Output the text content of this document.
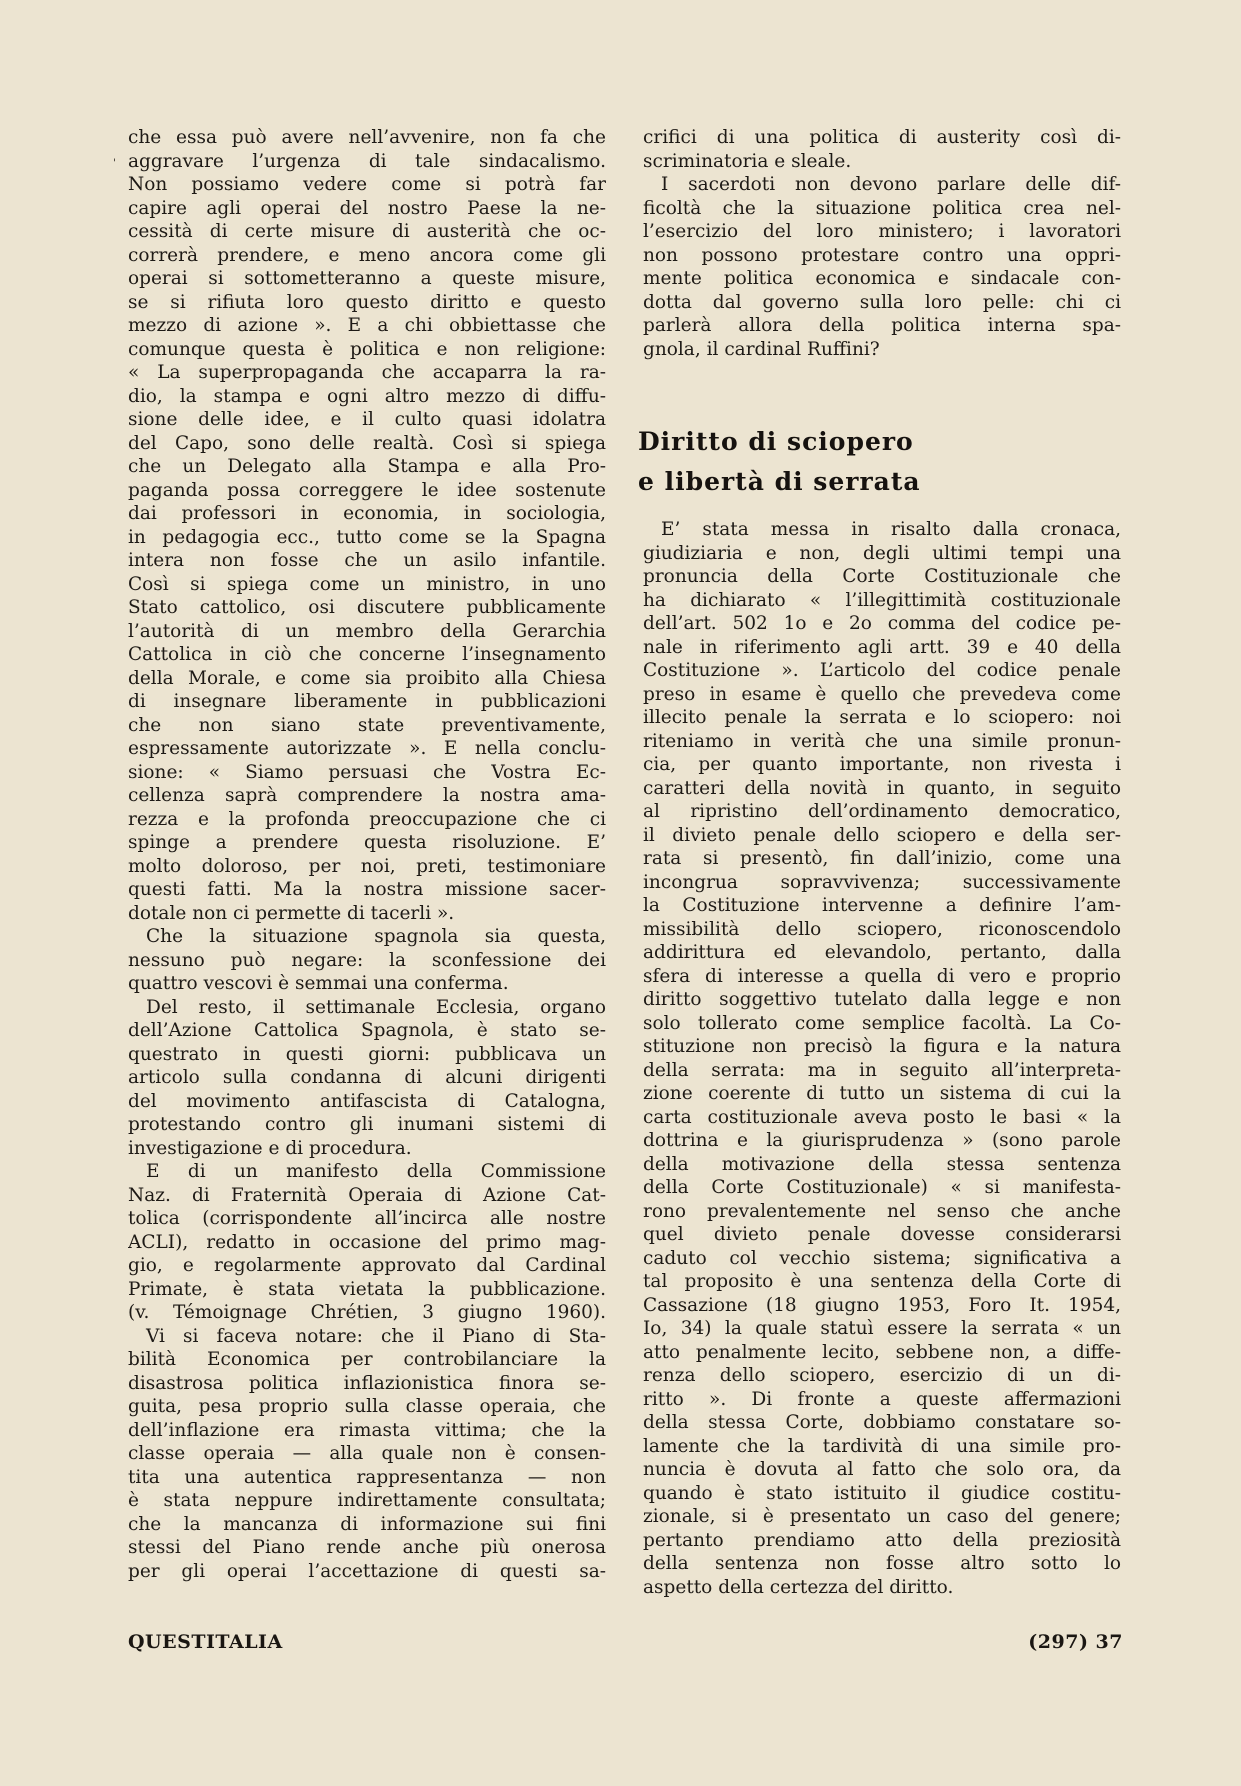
'
che essa può avere nell’avvenire, non fa che
aggravare l’urgenza di tale sindacalismo.
Non possiamo vedere come si potrà far
capire agli operai del nostro Paese la ne-
cessità di certe misure di austerità che oc-
correrà prendere, e meno ancora come gli
operai si sottometteranno a queste misure,
se si rifiuta loro questo diritto e questo
mezzo di azione ». E a chi obbiettasse che
comunque questa è politica e non religione:
« La superpropaganda che accaparra la ra-
dio, la stampa e ogni altro mezzo di diffu-
sione delle idee, e il culto quasi idolatra
del Capo, sono delle realtà. Così si spiega
che un Delegato alla Stampa e alla Pro-
paganda possa correggere le idee sostenute
dai professori in economia, in sociologia,
in pedagogia ecc., tutto come se la Spagna
intera non fosse che un asilo infantile.
Così si spiega come un ministro, in uno
Stato cattolico, osi discutere pubblicamente
l’autorità di un membro della Gerarchia
Cattolica in ciò che concerne l’insegnamento
della Morale, e come sia proibito alla Chiesa
di insegnare liberamente in pubblicazioni
che non siano state preventivamente,
espressamente autorizzate ». E nella conclu-
sione: « Siamo persuasi che Vostra Ec-
cellenza saprà comprendere la nostra ama-
rezza e la profonda preoccupazione che ci
spinge a prendere questa risoluzione. E’
molto doloroso, per noi, preti, testimoniare
questi fatti. Ma la nostra missione sacer-
dotale non ci permette di tacerli ».
Che la situazione spagnola sia questa,
nessuno può negare: la sconfessione dei
quattro vescovi è semmai una conferma.
Del resto, il settimanale Ecclesia, organo
dell’Azione Cattolica Spagnola, è stato se-
questrato in questi giorni: pubblicava un
articolo sulla condanna di alcuni dirigenti
del movimento antifascista di Catalogna,
protestando contro gli inumani sistemi di
investigazione e di procedura.
E di un manifesto della Commissione
Naz. di Fraternità Operaia di Azione Cat-
tolica (corrispondente all’incirca alle nostre
ACLI), redatto in occasione del primo mag-
gio, e regolarmente approvato dal Cardinal
Primate, è stata vietata la pubblicazione.
(v. Témoignage Chrétien, 3 giugno 1960).
Vi si faceva notare: che il Piano di Sta-
bilità Economica per controbilanciare la
disastrosa politica inflazionistica finora se-
guita, pesa proprio sulla classe operaia, che
dell’inflazione era rimasta vittima; che la
classe operaia — alla quale non è consen-
tita una autentica rappresentanza — non
è stata neppure indirettamente consultata;
che la mancanza di informazione sui fini
stessi del Piano rende anche più onerosa
per gli operai l’accettazione di questi sa-
crifici di una politica di austerity così di-
scriminatoria e sleale.
I sacerdoti non devono parlare delle dif-
ficoltà che la situazione politica crea nel-
l’esercizio del loro ministero; i lavoratori
non possono protestare contro una oppri-
mente politica economica e sindacale con-
dotta dal governo sulla loro pelle: chi ci
parlerà allora della politica interna spa-
gnola, il cardinal Ruffini?
Diritto di sciopero
e libertà di serrata
E’ stata messa in risalto dalla cronaca,
giudiziaria e non, degli ultimi tempi una
pronuncia della Corte Costituzionale che
ha dichiarato « l’illegittimità costituzionale
dell’art. 502 1o e 2o comma del codice pe-
nale in riferimento agli artt. 39 e 40 della
Costituzione ». L’articolo del codice penale
preso in esame è quello che prevedeva come
illecito penale la serrata e lo sciopero: noi
riteniamo in verità che una simile pronun-
cia, per quanto importante, non rivesta i
caratteri della novità in quanto, in seguito
al ripristino dell’ordinamento democratico,
il divieto penale dello sciopero e della ser-
rata si presentò, fin dall’inizio, come una
incongrua sopravvivenza; successivamente
la Costituzione intervenne a definire l’am-
missibilità dello sciopero, riconoscendolo
addirittura ed elevandolo, pertanto, dalla
sfera di interesse a quella di vero e proprio
diritto soggettivo tutelato dalla legge e non
solo tollerato come semplice facoltà. La Co-
stituzione non precisò la figura e la natura
della serrata: ma in seguito all’interpreta-
zione coerente di tutto un sistema di cui la
carta costituzionale aveva posto le basi « la
dottrina e la giurisprudenza » (sono parole
della motivazione della stessa sentenza
della Corte Costituzionale) « si manifesta-
rono prevalentemente nel senso che anche
quel divieto penale dovesse considerarsi
caduto col vecchio sistema; significativa a
tal proposito è una sentenza della Corte di
Cassazione (18 giugno 1953, Foro It. 1954,
Io, 34) la quale statuì essere la serrata « un
atto penalmente lecito, sebbene non, a diffe-
renza dello sciopero, esercizio di un di-
ritto ». Di fronte a queste affermazioni
della stessa Corte, dobbiamo constatare so-
lamente che la tardività di una simile pro-
nuncia è dovuta al fatto che solo ora, da
quando è stato istituito il giudice costitu-
zionale, si è presentato un caso del genere;
pertanto prendiamo atto della preziosità
della sentenza non fosse altro sotto lo
aspetto della certezza del diritto.
QUESTITALIA	(297) 37
